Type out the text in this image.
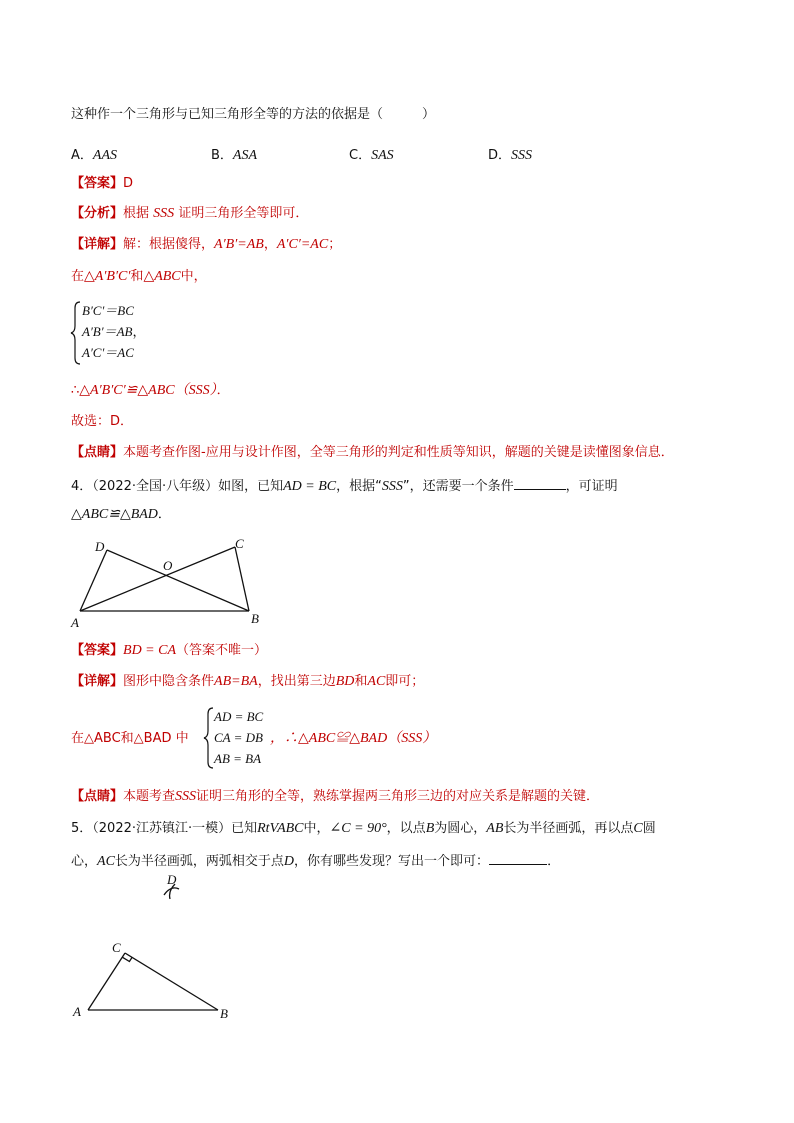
这种作一个三角形与已知三角形全等的方法的依据是（　　　）
A．AAS	B．ASA	C．SAS	D．SSS
【答案】D
【分析】根据 SSS 证明三角形全等即可．
【详解】解：根据傻得，A′B′=AB，A′C′=AC；
在△A′B′C′和△ABC中，
B′C′＝BC
A′B′＝AB，
A′C′＝AC
∴△A′B′C′≌△ABC（SSS）．
故选：D．
【点睛】本题考查作图-应用与设计作图，全等三角形的判定和性质等知识，解题的关键是读懂图象信息．
4．（2022·全国·八年级）如图，已知AD = BC，根据“SSS”，还需要一个条件	，可证明
△ABC≌△BAD．
D	C
O
A	B
【答案】BD = CA（答案不唯一）
【详解】图形中隐含条件AB=BA，找出第三边BD和AC即可；
在△ABC和△BAD 中
AD = BC
CA = DB
AB = BA
，∴△ABC≌△BAD（SSS）
【点睛】本题考查SSS证明三角形的全等，熟练掌握两三角形三边的对应关系是解题的关键．
5．（2022·江苏镇江·一模）已知RtVABC中，∠C = 90°，以点B为圆心，AB长为半径画弧，再以点C圆
心，AC长为半径画弧，两弧相交于点D，你有哪些发现？写出一个即可：	．
D
C
A	B
